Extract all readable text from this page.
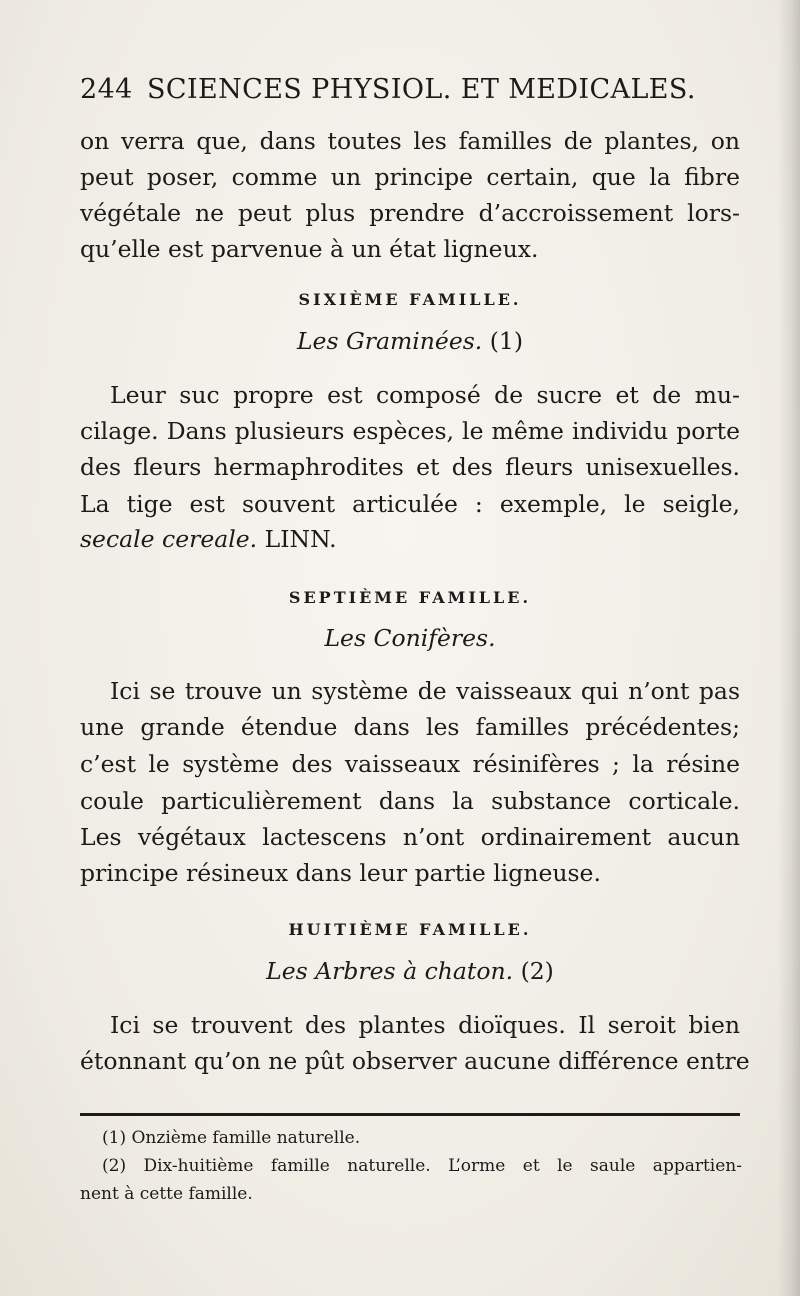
244 SCIENCES PHYSIOL. ET MEDICALES.
on verra que, dans toutes les familles de plantes, on
peut poser, comme un principe certain, que la fibre
végétale ne peut plus prendre d’accroissement lors-
qu’elle est parvenue à un état ligneux.
SIXIÈME FAMILLE.
Les Graminées. (1)
Leur suc propre est composé de sucre et de mu-
cilage. Dans plusieurs espèces, le même individu porte
des fleurs hermaphrodites et des fleurs unisexuelles.
La tige est souvent articulée : exemple, le seigle,
secale cereale. LINN.
SEPTIÈME FAMILLE.
Les Conifères.
Ici se trouve un système de vaisseaux qui n’ont pas
une grande étendue dans les familles précédentes;
c’est le système des vaisseaux résinifères ; la résine
coule particulièrement dans la substance corticale.
Les végétaux lactescens n’ont ordinairement aucun
principe résineux dans leur partie ligneuse.
HUITIÈME FAMILLE.
Les Arbres à chaton. (2)
Ici se trouvent des plantes dioïques. Il seroit bien
étonnant qu’on ne pût observer aucune différence entre
(1) Onzième famille naturelle.
(2) Dix-huitième famille naturelle. L’orme et le saule appartien-
nent à cette famille.
